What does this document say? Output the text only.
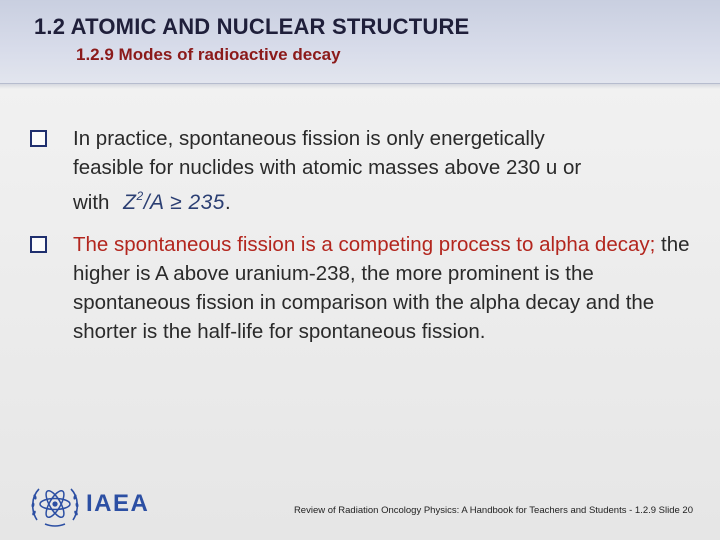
1.2 ATOMIC AND NUCLEAR STRUCTURE
1.2.9 Modes of radioactive decay
In practice, spontaneous fission is only energetically
feasible for nuclides with atomic masses above 230 u or
with $Z^2/A \ge 235$.
The spontaneous fission is a competing process to alpha decay; the higher is A above uranium-238, the more prominent is the spontaneous fission in comparison with the alpha decay and the shorter is the half-life for spontaneous fission.
IAEA	Review of Radiation Oncology Physics: A Handbook for Teachers and Students - 1.2.9 Slide 20
